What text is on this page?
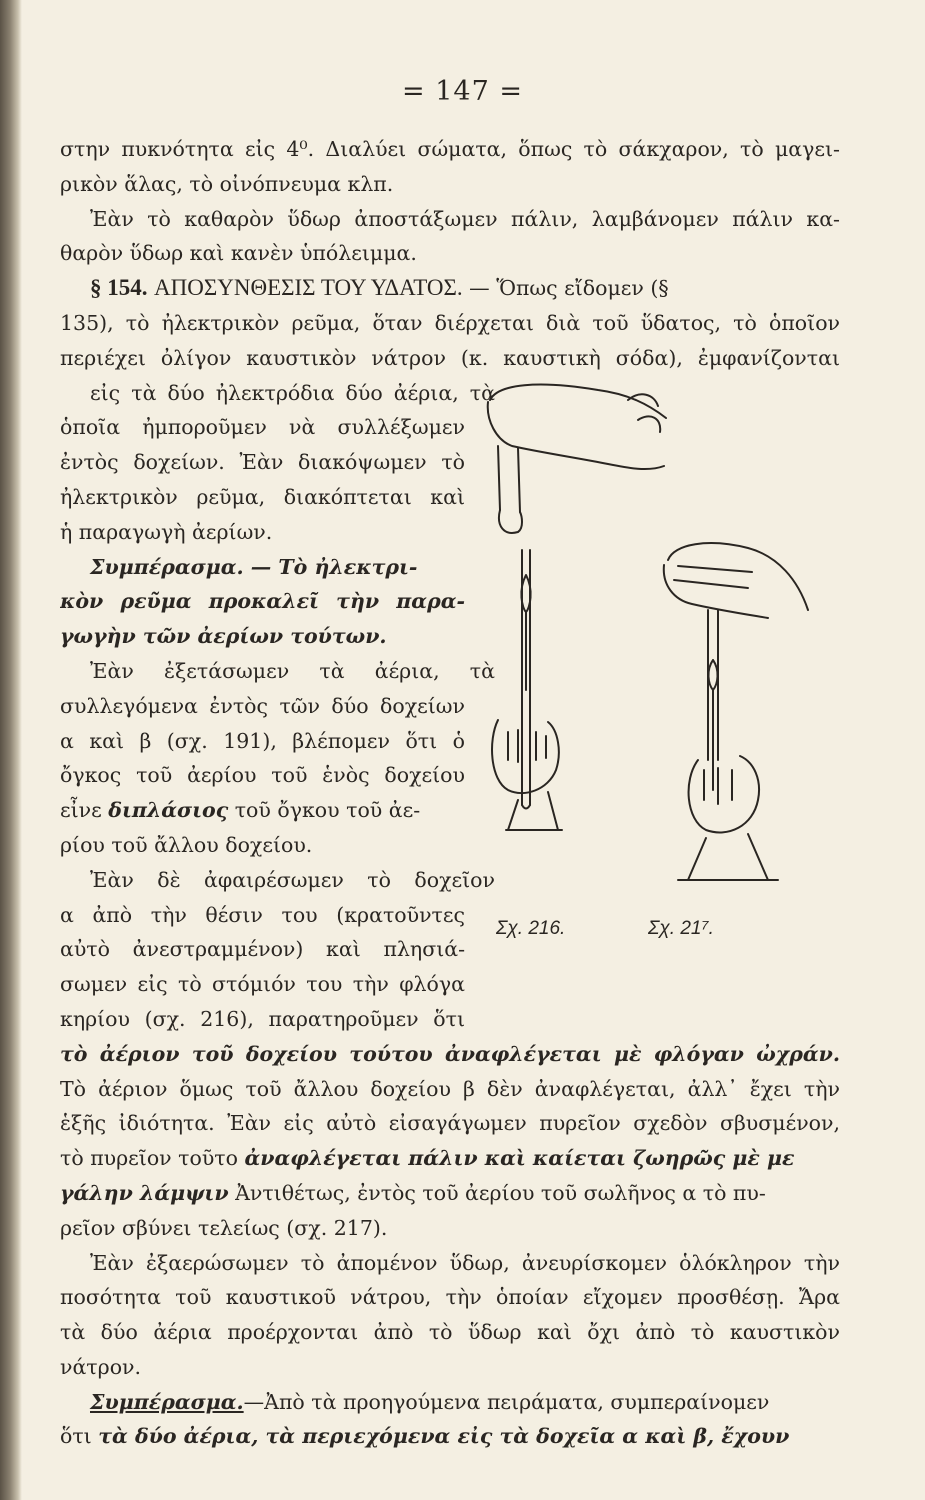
= 147 =
στην πυκνότητα εἰς 4⁰. Διαλύει σώματα, ὅπως τὸ σάκχαρον, τὸ μαγει-
ρικὸν ἅλας, τὸ οἰνόπνευμα κλπ.
Ἐὰν τὸ καθαρὸν ὕδωρ ἀποστάξωμεν πάλιν, λαμβάνομεν πάλιν κα-
θαρὸν ὕδωρ καὶ κανὲν ὑπόλειμμα.
§ 154. ΑΠΟΣΥΝΘΕΣΙΣ ΤΟΥ ΥΔΑΤΟΣ. — Ὅπως εἴδομεν (§
135), τὸ ἠλεκτρικὸν ρεῦμα, ὅταν διέρχεται διὰ τοῦ ὕδατος, τὸ ὁποῖον
περιέχει ὀλίγον καυστικὸν νάτρον (κ. καυστικὴ σόδα), ἐμφανίζονται
εἰς τὰ δύο ἠλεκτρόδια δύο ἀέρια, τὰ
ὁποῖα ἠμποροῦμεν νὰ συλλέξωμεν
ἐντὸς δοχείων. Ἐὰν διακόψωμεν τὸ
ἠλεκτρικὸν ρεῦμα, διακόπτεται καὶ
ἡ παραγωγὴ ἀερίων.
Συμπέρασμα. — Τὸ ἠλεκτρι-
κὸν ρεῦμα προκαλεῖ τὴν παρα-
γωγὴν τῶν ἀερίων τούτων.
Ἐὰν ἐξετάσωμεν τὰ ἀέρια, τὰ
συλλεγόμενα ἐντὸς τῶν δύο δοχείων
α καὶ β (σχ. 191), βλέπομεν ὅτι ὁ
ὄγκος τοῦ ἀερίου τοῦ ἑνὸς δοχείου
εἶνε διπλάσιος τοῦ ὄγκου τοῦ ἀε-
ρίου τοῦ ἄλλου δοχείου.
Ἐὰν δὲ ἀφαιρέσωμεν τὸ δοχεῖον
α ἀπὸ τὴν θέσιν του (κρατοῦντες
αὐτὸ ἀνεστραμμένον) καὶ πλησιά-
σωμεν εἰς τὸ στόμιόν του τὴν φλόγα
κηρίου (σχ. 216), παρατηροῦμεν ὅτι
τὸ ἀέριον τοῦ δοχείου τούτου ἀναφλέγεται μὲ φλόγαν ὠχράν.
Τὸ ἀέριον ὅμως τοῦ ἄλλου δοχείου β δὲν ἀναφλέγεται, ἀλλ᾽ ἔχει τὴν
ἑξῆς ἰδιότητα. Ἐὰν εἰς αὐτὸ εἰσαγάγωμεν πυρεῖον σχεδὸν σβυσμένον,
τὸ πυρεῖον τοῦτο ἀναφλέγεται πάλιν καὶ καίεται ζωηρῶς μὲ με
γάλην λάμψιν Ἀντιθέτως, ἐντὸς τοῦ ἀερίου τοῦ σωλῆνος α τὸ πυ-
ρεῖον σβύνει τελείως (σχ. 217).
Ἐὰν ἐξαερώσωμεν τὸ ἀπομένον ὕδωρ, ἀνευρίσκομεν ὁλόκληρον τὴν
ποσότητα τοῦ καυστικοῦ νάτρου, τὴν ὁποίαν εἴχομεν προσθέσῃ. Ἄρα
τὰ δύο ἀέρια προέρχονται ἀπὸ τὸ ὕδωρ καὶ ὄχι ἀπὸ τὸ καυστικὸν
νάτρον.
Συμπέρασμα.—Ἀπὸ τὰ προηγούμενα πειράματα, συμπεραίνομεν
ὅτι τὰ δύο ἀέρια, τὰ περιεχόμενα εἰς τὰ δοχεῖα α καὶ β, ἔχουν
Σχ. 216.	Σχ. 21⁷.
